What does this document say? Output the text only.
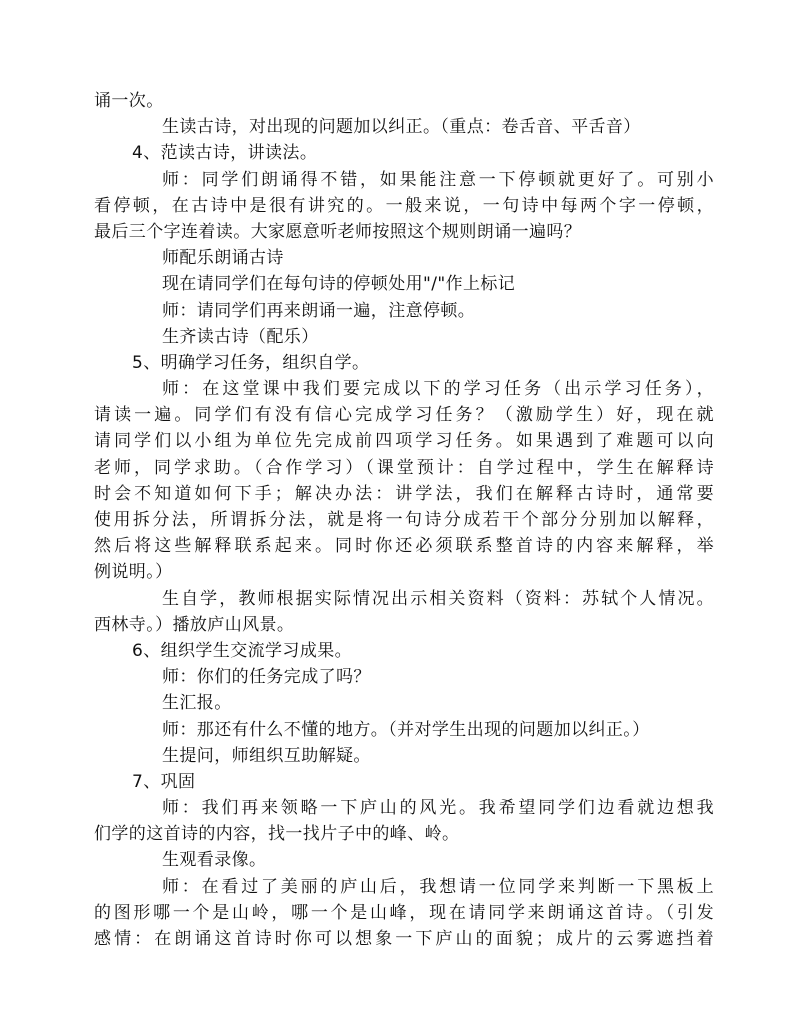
诵一次。
生读古诗，对出现的问题加以纠正。（重点：卷舌音、平舌音）
4、范读古诗，讲读法。
师：同学们朗诵得不错，如果能注意一下停顿就更好了。可别小
看停顿，在古诗中是很有讲究的。一般来说，一句诗中每两个字一停顿，
最后三个字连着读。大家愿意听老师按照这个规则朗诵一遍吗？
师配乐朗诵古诗
现在请同学们在每句诗的停顿处用"/"作上标记
师：请同学们再来朗诵一遍，注意停顿。
生齐读古诗（配乐）
5、明确学习任务，组织自学。
师：在这堂课中我们要完成以下的学习任务（出示学习任务），
请读一遍。同学们有没有信心完成学习任务？（激励学生）好，现在就
请同学们以小组为单位先完成前四项学习任务。如果遇到了难题可以向
老师，同学求助。（合作学习）（课堂预计：自学过程中，学生在解释诗
时会不知道如何下手；解决办法：讲学法，我们在解释古诗时，通常要
使用拆分法，所谓拆分法，就是将一句诗分成若干个部分分别加以解释，
然后将这些解释联系起来。同时你还必须联系整首诗的内容来解释，举
例说明。）
生自学，教师根据实际情况出示相关资料（资料：苏轼个人情况。
西林寺。）播放庐山风景。
6、组织学生交流学习成果。
师：你们的任务完成了吗？
生汇报。
师：那还有什么不懂的地方。（并对学生出现的问题加以纠正。）
生提问，师组织互助解疑。
7、巩固
师：我们再来领略一下庐山的风光。我希望同学们边看就边想我
们学的这首诗的内容，找一找片子中的峰、岭。
生观看录像。
师：在看过了美丽的庐山后，我想请一位同学来判断一下黑板上
的图形哪一个是山岭，哪一个是山峰，现在请同学来朗诵这首诗。（引发
感情：在朗诵这首诗时你可以想象一下庐山的面貌；成片的云雾遮挡着
